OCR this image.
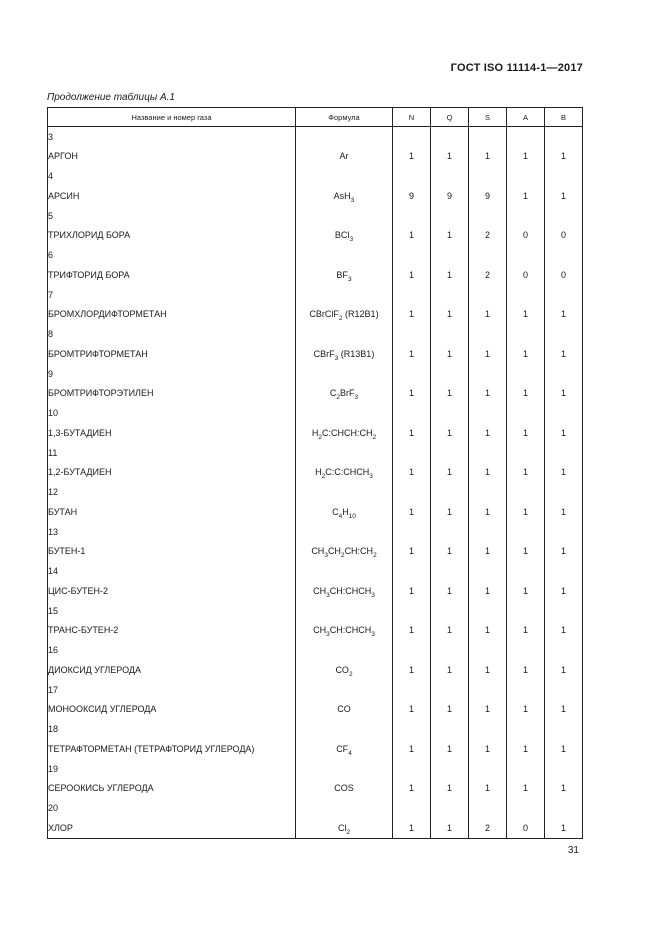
ГОСТ ISO 11114-1—2017
Продолжение таблицы А.1
Название и номер газа	Формула	N	Q	S	A	B
3						
АРГОН	Ar	1	1	1	1	1
4						
АРСИН	AsH$_3$	9	9	9	1	1
5						
ТРИХЛОРИД БОРА	BCl$_3$	1	1	2	0	0
6						
ТРИФТОРИД БОРА	$BF_3$	1	1	2	0	0
7						
БРОМХЛОРДИФТОРМЕТАН	CBrClF$_2$ (R12B1)	1	1	1	1	1
8						
БРОМТРИФТОРМЕТАН	CBrF$_3$ (R13B1)	1	1	1	1	1
9						
БРОМТРИФТОРЭТИЛЕН	$C_2BrF_3$	1	1	1	1	1
10						
1,3-БУТАДИЕН	$H_2C:CHCH:CH_2$	1	1	1	1	1
11						
1,2-БУТАДИЕН	$H_2C:C:CHCH_3$	1	1	1	1	1
12						
БУТАН	$C_4H_{10}$	1	1	1	1	1
13						
БУТЕН-1	$CH_3CH_2CH:CH_2$	1	1	1	1	1
14						
ЦИС-БУТЕН-2	$CH_3CH:CHCH_3$	1	1	1	1	1
15						
ТРАНС-БУТЕН-2	$CH_3CH:CHCH_3$	1	1	1	1	1
16						
ДИОКСИД УГЛЕРОДА	$CO_2$	1	1	1	1	1
17						
МОНООКСИД УГЛЕРОДА	CO	1	1	1	1	1
18						
ТЕТРАФТОРМЕТАН (ТЕТРАФТОРИД УГЛЕРОДА)	$CF_4$	1	1	1	1	1
19						
СЕРООКИСЬ УГЛЕРОДА	COS	1	1	1	1	1
20						
ХЛОР	$Cl_2$	1	1	2	0	1
31
